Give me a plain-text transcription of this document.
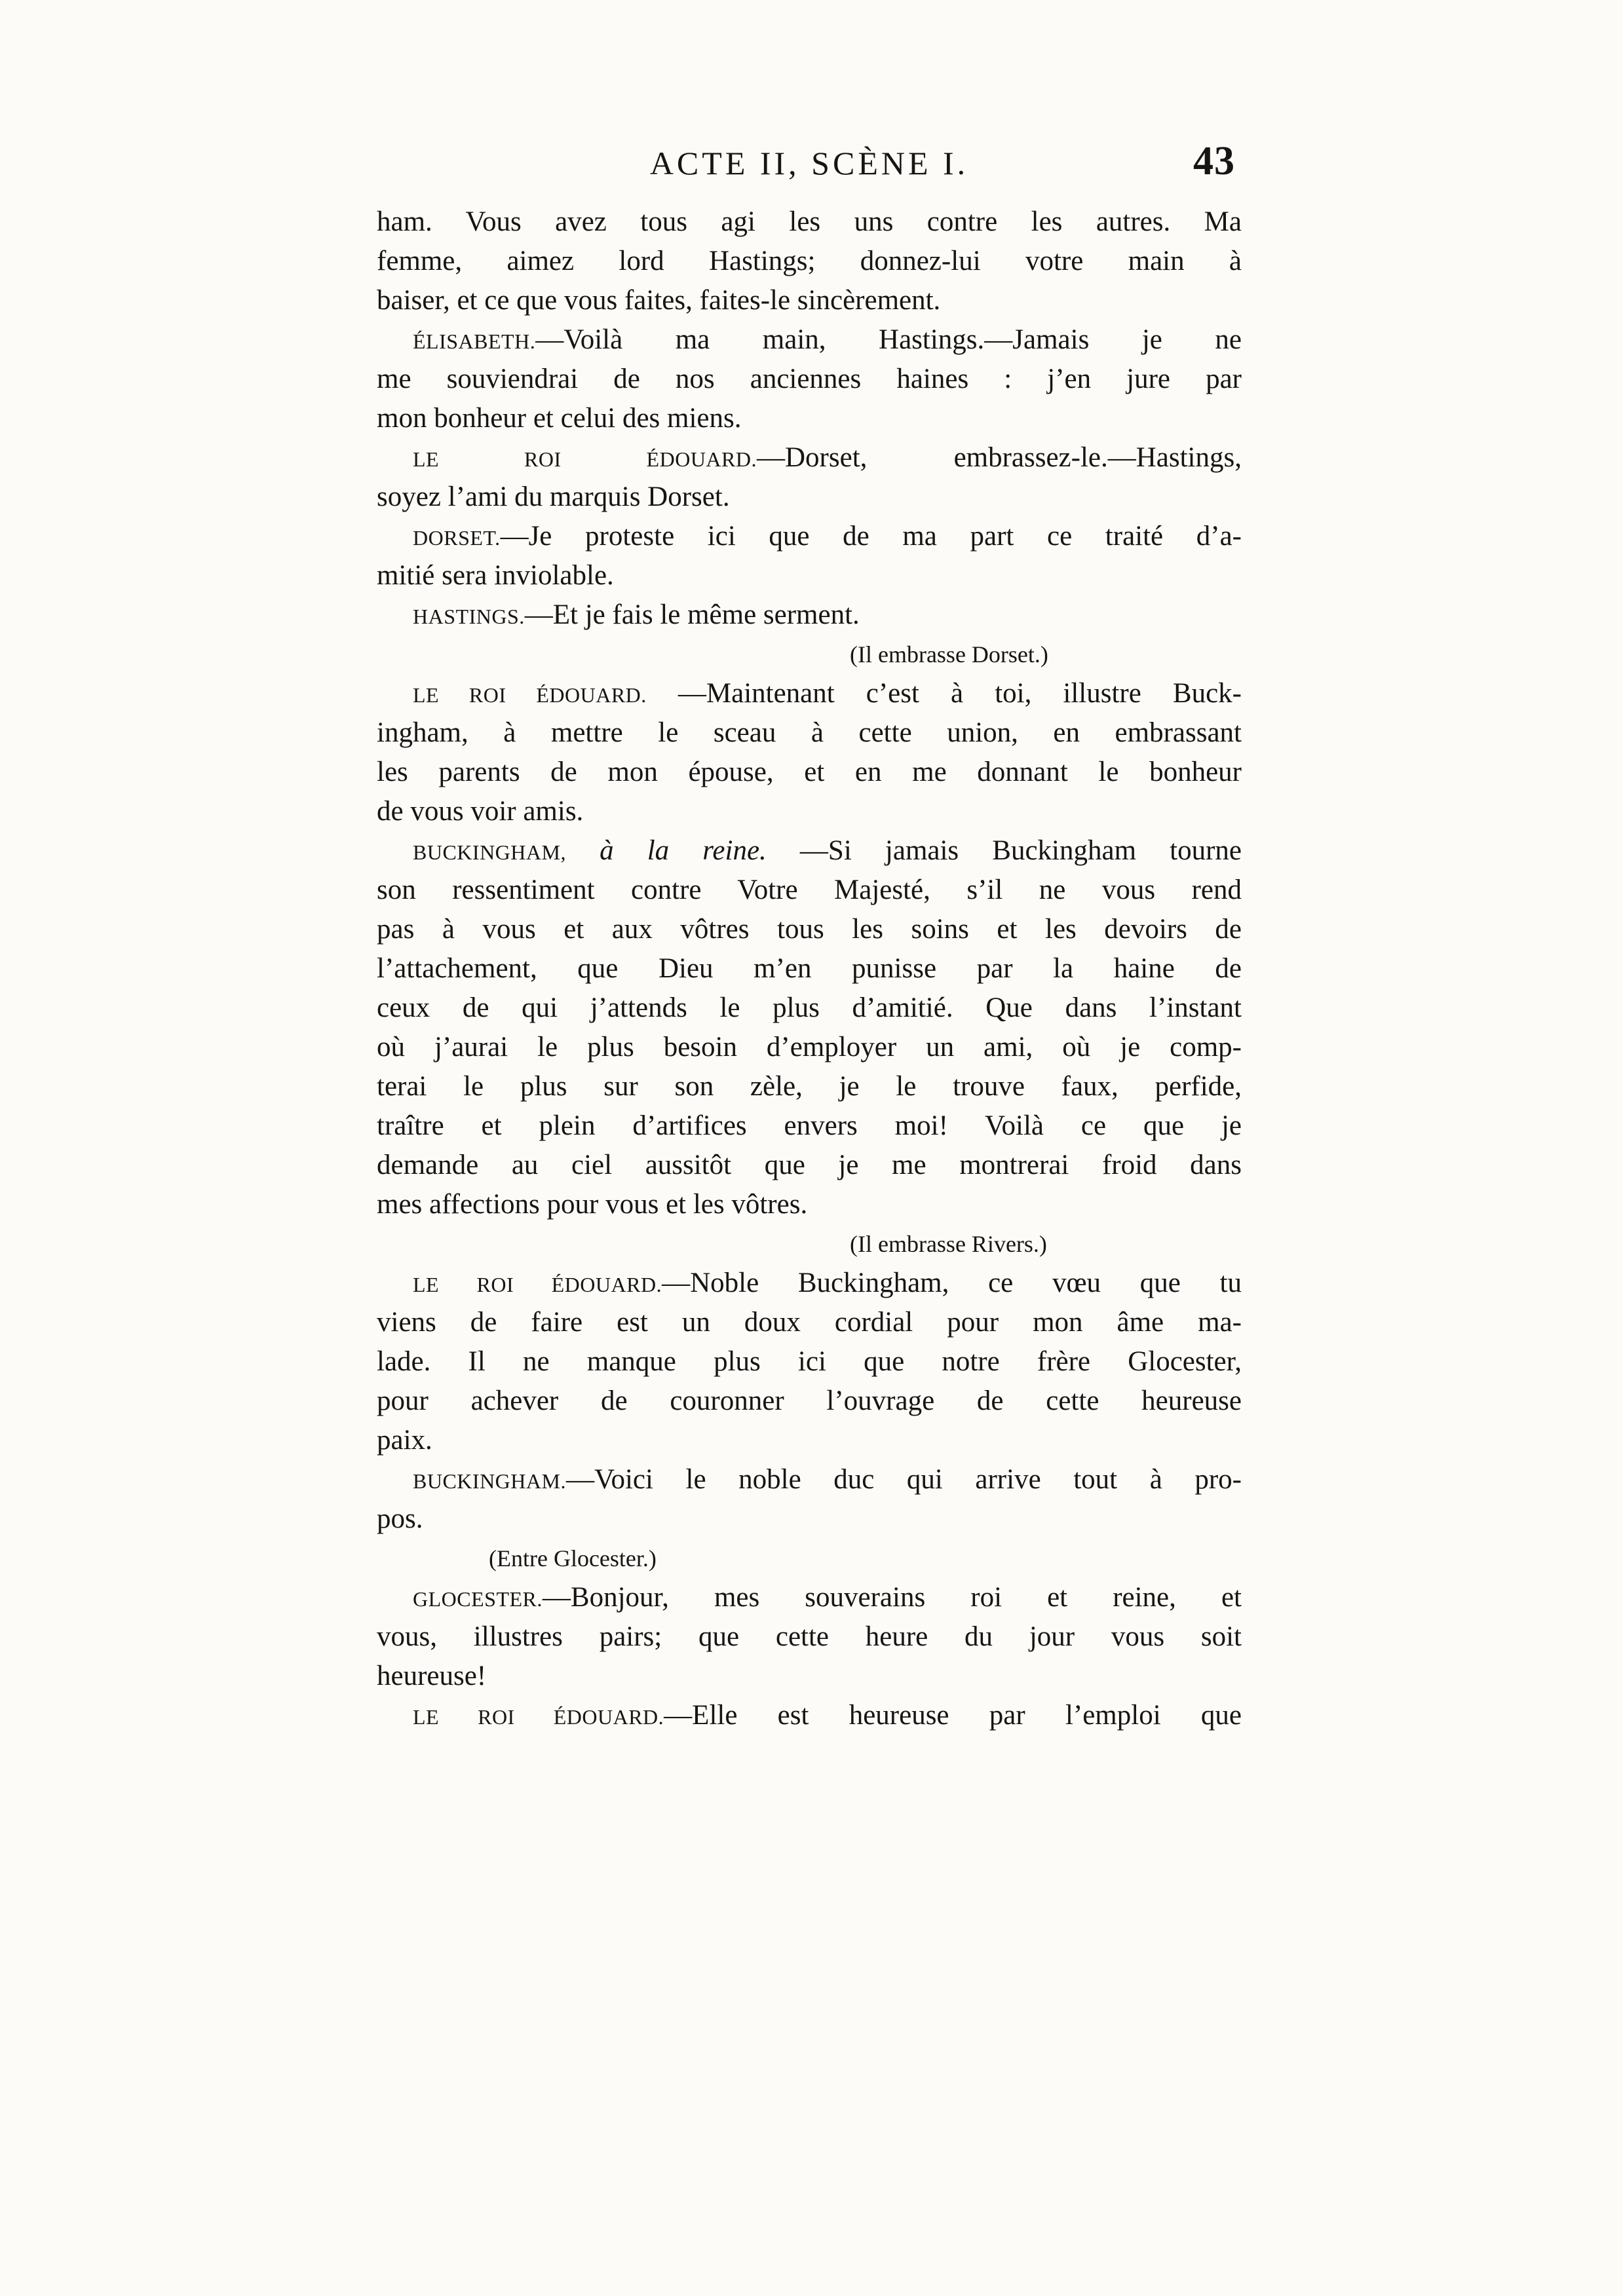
ACTE II, SCÈNE I.	43
ham. Vous avez tous agi les uns contre les autres. Ma
femme, aimez lord Hastings; donnez-lui votre main à
baiser, et ce que vous faites, faites-le sincèrement.
ÉLISABETH.—Voilà ma main, Hastings.—Jamais je ne
me souviendrai de nos anciennes haines : j’en jure par
mon bonheur et celui des miens.
LE ROI ÉDOUARD.—Dorset, embrassez-le.—Hastings,
soyez l’ami du marquis Dorset.
DORSET.—Je proteste ici que de ma part ce traité d’a-
mitié sera inviolable.
HASTINGS.—Et je fais le même serment.
(Il embrasse Dorset.)
LE ROI ÉDOUARD. —Maintenant c’est à toi, illustre Buck-
ingham, à mettre le sceau à cette union, en embrassant
les parents de mon épouse, et en me donnant le bonheur
de vous voir amis.
BUCKINGHAM, à la reine. —Si jamais Buckingham tourne
son ressentiment contre Votre Majesté, s’il ne vous rend
pas à vous et aux vôtres tous les soins et les devoirs de
l’attachement, que Dieu m’en punisse par la haine de
ceux de qui j’attends le plus d’amitié. Que dans l’instant
où j’aurai le plus besoin d’employer un ami, où je comp-
terai le plus sur son zèle, je le trouve faux, perfide,
traître et plein d’artifices envers moi! Voilà ce que je
demande au ciel aussitôt que je me montrerai froid dans
mes affections pour vous et les vôtres.
(Il embrasse Rivers.)
LE ROI ÉDOUARD.—Noble Buckingham, ce vœu que tu
viens de faire est un doux cordial pour mon âme ma-
lade. Il ne manque plus ici que notre frère Glocester,
pour achever de couronner l’ouvrage de cette heureuse
paix.
BUCKINGHAM.—Voici le noble duc qui arrive tout à pro-
pos.
(Entre Glocester.)
GLOCESTER.—Bonjour, mes souverains roi et reine, et
vous, illustres pairs; que cette heure du jour vous soit
heureuse!
LE ROI ÉDOUARD.—Elle est heureuse par l’emploi que
